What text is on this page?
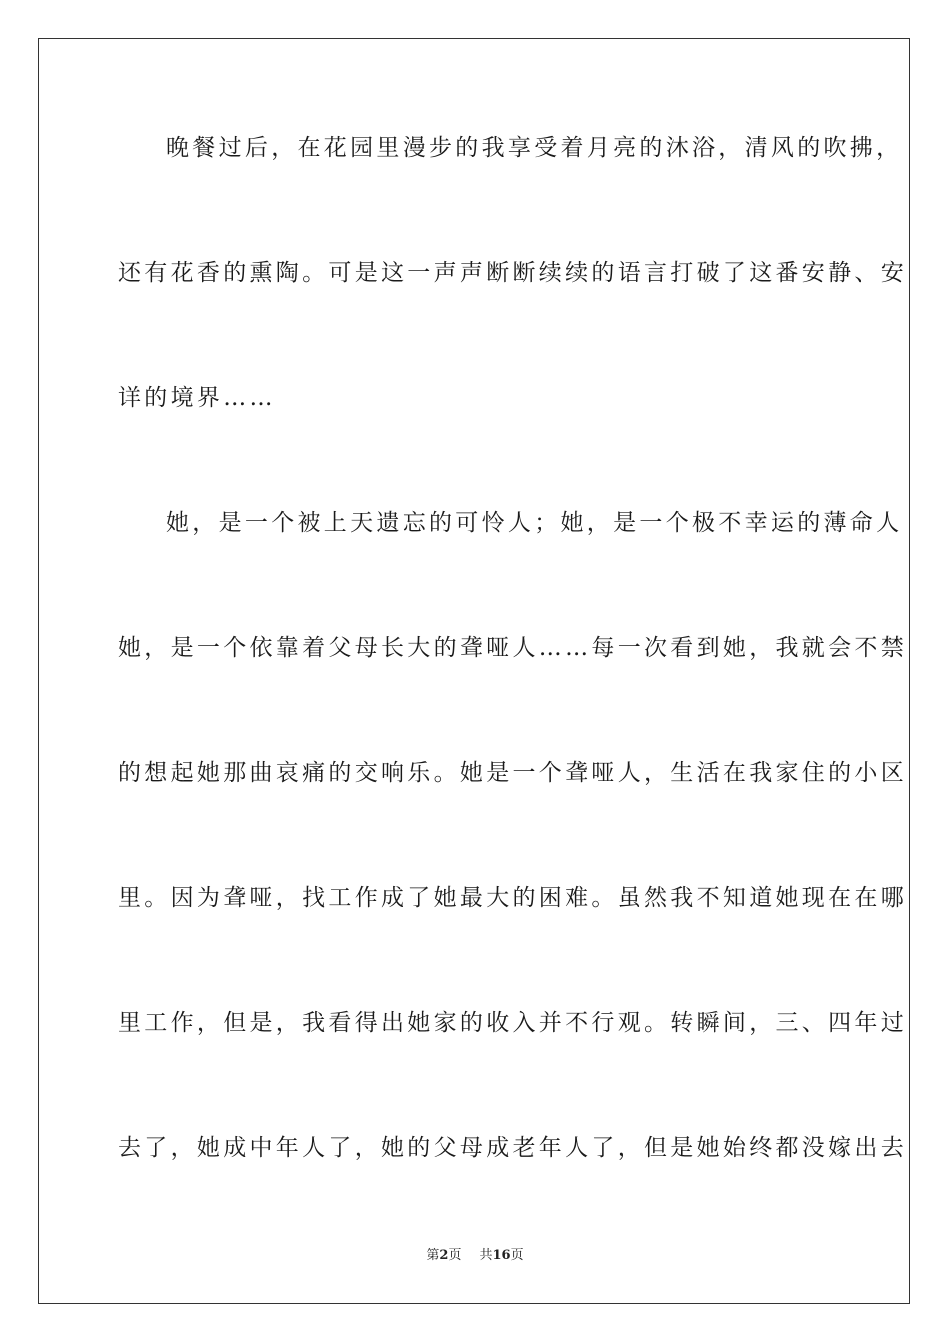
晚餐过后，在花园里漫步的我享受着月亮的沐浴，清风的吹拂，
还有花香的熏陶。可是这一声声断断续续的语言打破了这番安静、安
详的境界……
她，是一个被上天遗忘的可怜人；她，是一个极不幸运的薄命人
她，是一个依靠着父母长大的聋哑人……每一次看到她，我就会不禁
的想起她那曲哀痛的交响乐。她是一个聋哑人，生活在我家住的小区
里。因为聋哑，找工作成了她最大的困难。虽然我不知道她现在在哪
里工作，但是，我看得出她家的收入并不行观。转瞬间，三、四年过
去了，她成中年人了，她的父母成老年人了，但是她始终都没嫁出去
第2页 共16页
